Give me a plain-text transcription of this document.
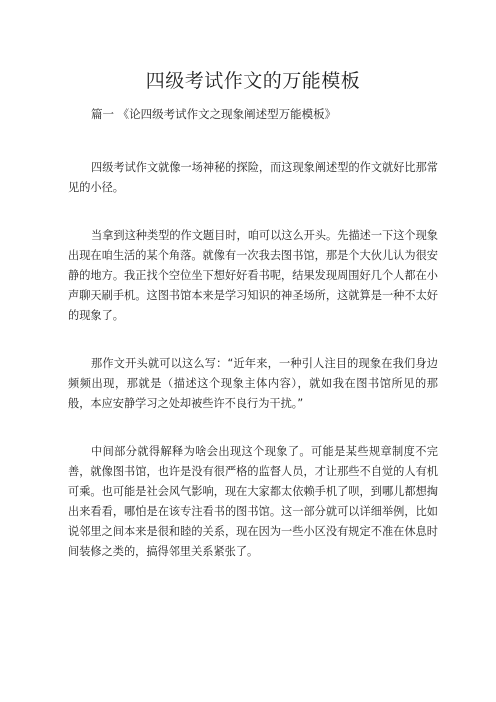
四级考试作文的万能模板
篇一 《论四级考试作文之现象阐述型万能模板》

四级考试作文就像一场神秘的探险，而这现象阐述型的作文就好比那常见的小径。

当拿到这种类型的作文题目时，咱可以这么开头。先描述一下这个现象出现在咱生活的某个角落。就像有一次我去图书馆，那是个大伙儿认为很安静的地方。我正找个空位坐下想好好看书呢，结果发现周围好几个人都在小声聊天刷手机。这图书馆本来是学习知识的神圣场所，这就算是一种不太好的现象了。

那作文开头就可以这么写：“近年来，一种引人注目的现象在我们身边频频出现，那就是（描述这个现象主体内容），就如我在图书馆所见的那般，本应安静学习之处却被些许不良行为干扰。”

中间部分就得解释为啥会出现这个现象了。可能是某些规章制度不完善，就像图书馆，也许是没有很严格的监督人员，才让那些不自觉的人有机可乘。也可能是社会风气影响，现在大家都太依赖手机了呗，到哪儿都想掏出来看看，哪怕是在该专注看书的图书馆。这一部分就可以详细举例，比如说邻里之间本来是很和睦的关系，现在因为一些小区没有规定不准在休息时间装修之类的，搞得邻里关系紧张了。
